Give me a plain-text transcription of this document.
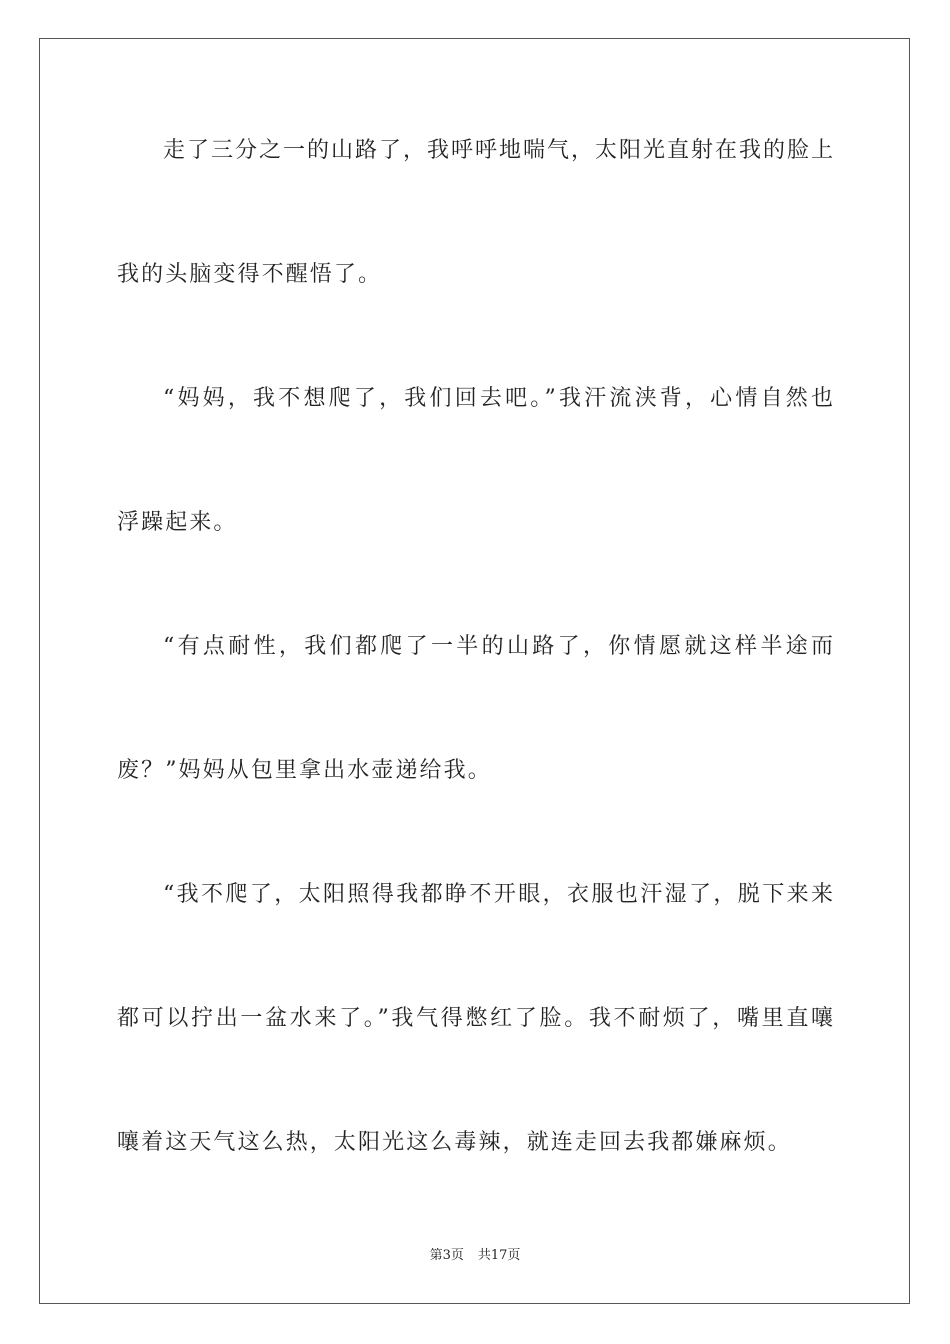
走了三分之一的山路了，我呼呼地喘气，太阳光直射在我的脸上
我的头脑变得不醒悟了。
“妈妈，我不想爬了，我们回去吧。”我汗流浃背，心情自然也
浮躁起来。
“有点耐性，我们都爬了一半的山路了，你情愿就这样半途而
废？”妈妈从包里拿出水壶递给我。
“我不爬了，太阳照得我都睁不开眼，衣服也汗湿了，脱下来来
都可以拧出一盆水来了。”我气得憋红了脸。我不耐烦了，嘴里直嚷
嚷着这天气这么热，太阳光这么毒辣，就连走回去我都嫌麻烦。
第3页 共17页
